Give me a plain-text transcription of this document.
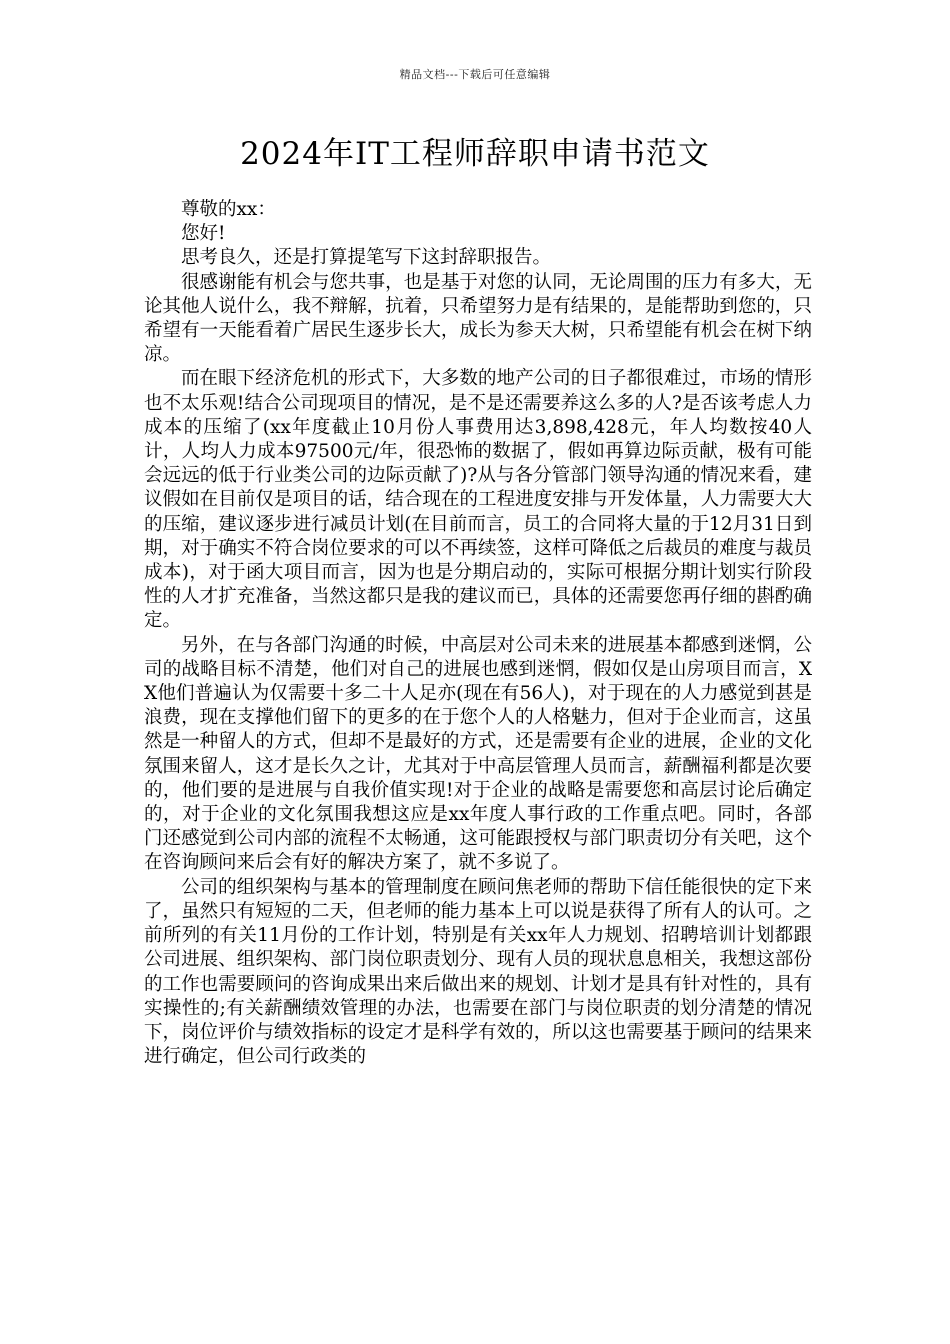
精品文档---下载后可任意编辑
2024年IT工程师辞职申请书范文

尊敬的xx：

您好!

思考良久，还是打算提笔写下这封辞职报告。

很感谢能有机会与您共事，也是基于对您的认同，无论周围的压力有多大，无论其他人说什么，我不辩解，抗着，只希望努力是有结果的，是能帮助到您的，只希望有一天能看着广居民生逐步长大，成长为参天大树，只希望能有机会在树下纳凉。

而在眼下经济危机的形式下，大多数的地产公司的日子都很难过，市场的情形也不太乐观!结合公司现项目的情况，是不是还需要养这么多的人?是否该考虑人力成本的压缩了(xx年度截止10月份人事费用达3,898,428元，年人均数按40人计，人均人力成本97500元/年，很恐怖的数据了，假如再算边际贡献，极有可能会远远的低于行业类公司的边际贡献了)?从与各分管部门领导沟通的情况来看，建议假如在目前仅是项目的话，结合现在的工程进度安排与开发体量，人力需要大大的压缩，建议逐步进行减员计划(在目前而言，员工的合同将大量的于12月31日到期，对于确实不符合岗位要求的可以不再续签，这样可降低之后裁员的难度与裁员成本)，对于函大项目而言，因为也是分期启动的，实际可根据分期计划实行阶段性的人才扩充准备，当然这都只是我的建议而已，具体的还需要您再仔细的斟酌确定。

另外，在与各部门沟通的时候，中高层对公司未来的进展基本都感到迷惘，公司的战略目标不清楚，他们对自己的进展也感到迷惘，假如仅是山房项目而言，XX他们普遍认为仅需要十多二十人足亦(现在有56人)，对于现在的人力感觉到甚是浪费，现在支撑他们留下的更多的在于您个人的人格魅力，但对于企业而言，这虽然是一种留人的方式，但却不是最好的方式，还是需要有企业的进展，企业的文化氛围来留人，这才是长久之计，尤其对于中高层管理人员而言，薪酬福利都是次要的，他们要的是进展与自我价值实现!对于企业的战略是需要您和高层讨论后确定的，对于企业的文化氛围我想这应是xx年度人事行政的工作重点吧。同时，各部门还感觉到公司内部的流程不太畅通，这可能跟授权与部门职责切分有关吧，这个在咨询顾问来后会有好的解决方案了，就不多说了。

公司的组织架构与基本的管理制度在顾问焦老师的帮助下信任能很快的定下来了，虽然只有短短的二天，但老师的能力基本上可以说是获得了所有人的认可。之前所列的有关11月份的工作计划，特别是有关xx年人力规划、招聘培训计划都跟公司进展、组织架构、部门岗位职责划分、现有人员的现状息息相关，我想这部份的工作也需要顾问的咨询成果出来后做出来的规划、计划才是具有针对性的，具有实操性的;有关薪酬绩效管理的办法，也需要在部门与岗位职责的划分清楚的情况下，岗位评价与绩效指标的设定才是科学有效的，所以这也需要基于顾问的结果来进行确定，但公司行政类的
